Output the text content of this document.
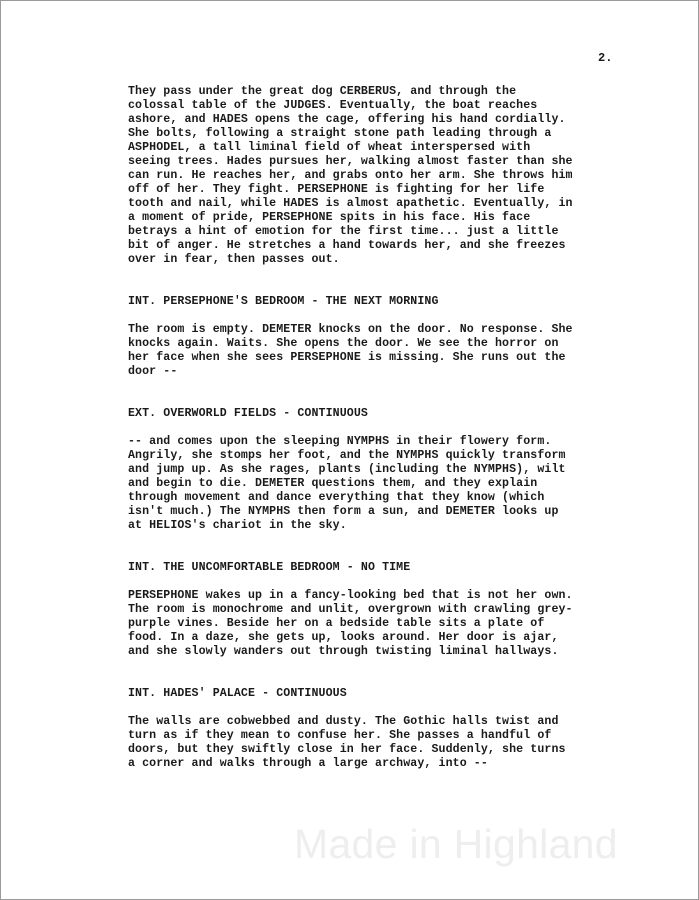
2.
They pass under the great dog CERBERUS, and through the
colossal table of the JUDGES. Eventually, the boat reaches
ashore, and HADES opens the cage, offering his hand cordially.
She bolts, following a straight stone path leading through a
ASPHODEL, a tall liminal field of wheat interspersed with
seeing trees. Hades pursues her, walking almost faster than she
can run. He reaches her, and grabs onto her arm. She throws him
off of her. They fight. PERSEPHONE is fighting for her life
tooth and nail, while HADES is almost apathetic. Eventually, in
a moment of pride, PERSEPHONE spits in his face. His face
betrays a hint of emotion for the first time... just a little
bit of anger. He stretches a hand towards her, and she freezes
over in fear, then passes out.
INT. PERSEPHONE'S BEDROOM - THE NEXT MORNING
The room is empty. DEMETER knocks on the door. No response. She
knocks again. Waits. She opens the door. We see the horror on
her face when she sees PERSEPHONE is missing. She runs out the
door --
EXT. OVERWORLD FIELDS - CONTINUOUS
-- and comes upon the sleeping NYMPHS in their flowery form.
Angrily, she stomps her foot, and the NYMPHS quickly transform
and jump up. As she rages, plants (including the NYMPHS), wilt
and begin to die. DEMETER questions them, and they explain
through movement and dance everything that they know (which
isn't much.) The NYMPHS then form a sun, and DEMETER looks up
at HELIOS's chariot in the sky.
INT. THE UNCOMFORTABLE BEDROOM - NO TIME
PERSEPHONE wakes up in a fancy-looking bed that is not her own.
The room is monochrome and unlit, overgrown with crawling grey-
purple vines. Beside her on a bedside table sits a plate of
food. In a daze, she gets up, looks around. Her door is ajar,
and she slowly wanders out through twisting liminal hallways.
INT. HADES' PALACE - CONTINUOUS
The walls are cobwebbed and dusty. The Gothic halls twist and
turn as if they mean to confuse her. She passes a handful of
doors, but they swiftly close in her face. Suddenly, she turns
a corner and walks through a large archway, into --
Made in Highland
